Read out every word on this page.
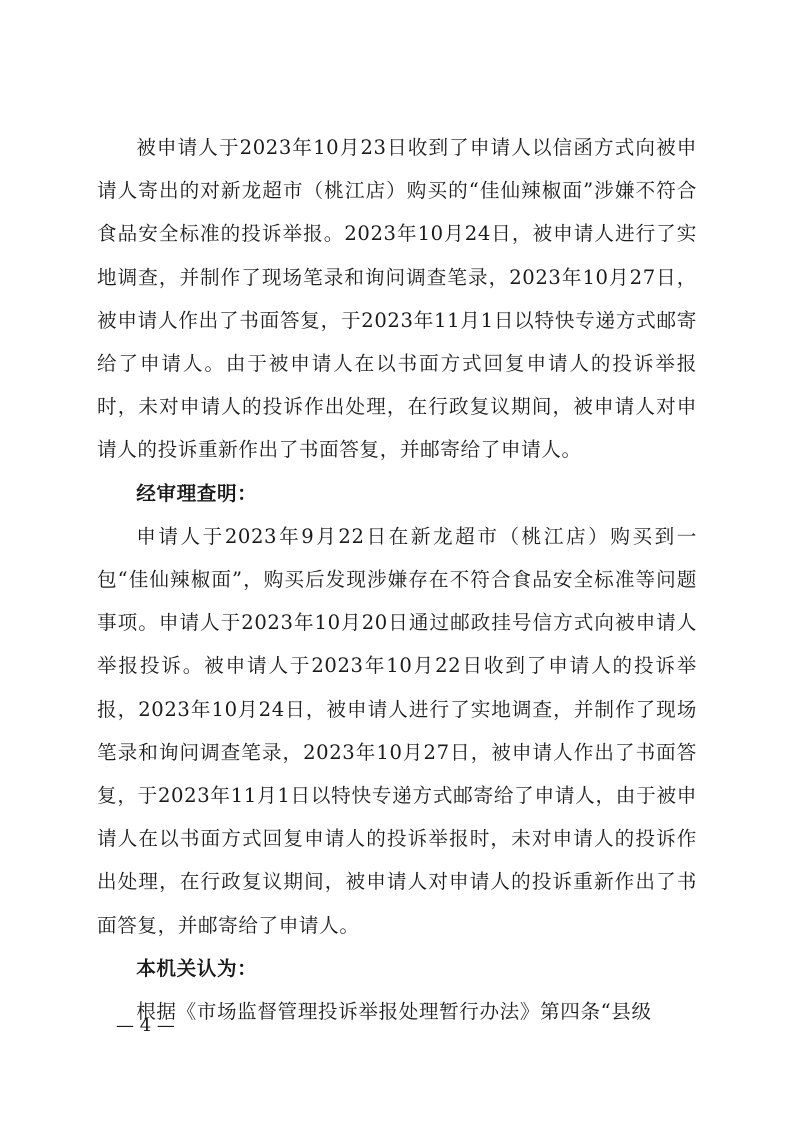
被申请人于2023年10月23日收到了申请人以信函方式向被申请人寄出的对新龙超市（桃江店）购买的“佳仙辣椒面”涉嫌不符合食品安全标准的投诉举报。2023年10月24日，被申请人进行了实地调查，并制作了现场笔录和询问调查笔录，2023年10月27日，被申请人作出了书面答复，于2023年11月1日以特快专递方式邮寄给了申请人。由于被申请人在以书面方式回复申请人的投诉举报时，未对申请人的投诉作出处理，在行政复议期间，被申请人对申请人的投诉重新作出了书面答复，并邮寄给了申请人。

经审理查明：

申请人于2023年9月22日在新龙超市（桃江店）购买到一包“佳仙辣椒面”，购买后发现涉嫌存在不符合食品安全标准等问题事项。申请人于2023年10月20日通过邮政挂号信方式向被申请人举报投诉。被申请人于2023年10月22日收到了申请人的投诉举报，2023年10月24日，被申请人进行了实地调查，并制作了现场笔录和询问调查笔录，2023年10月27日，被申请人作出了书面答复，于2023年11月1日以特快专递方式邮寄给了申请人，由于被申请人在以书面方式回复申请人的投诉举报时，未对申请人的投诉作出处理，在行政复议期间，被申请人对申请人的投诉重新作出了书面答复，并邮寄给了申请人。

本机关认为：

根据《市场监督管理投诉举报处理暂行办法》第四条“县级

— 4 —
